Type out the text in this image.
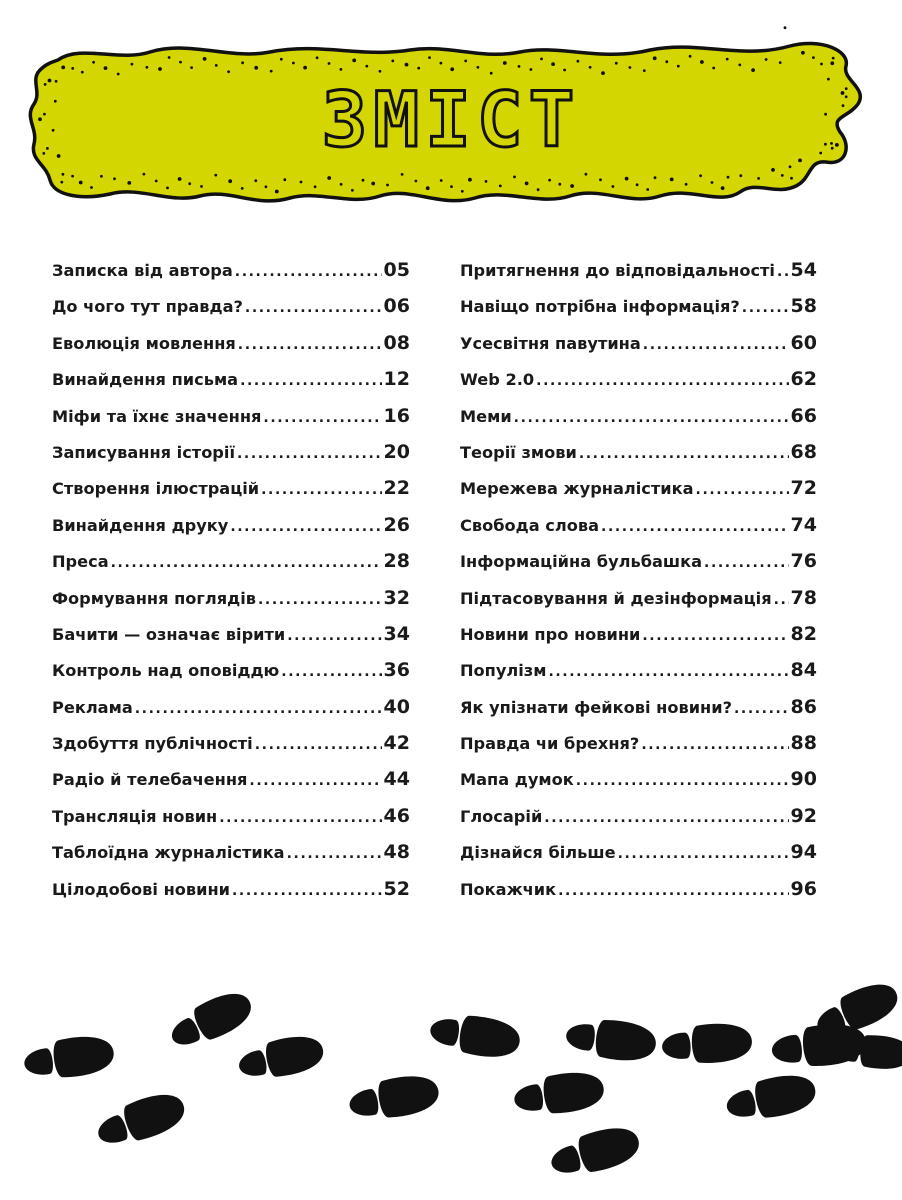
ЗМІСТ
Записка від автора .....	05
До чого тут правда? .....	06
Еволюція мовлення .....	08
Винайдення письма .....	12
Міфи та їхнє значення .....	16
Записування історії .....	20
Створення ілюстрацій .....	22
Винайдення друку .....	26
Преса .....	28
Формування поглядів .....	32
Бачити — означає вірити .....	34
Контроль над оповіддю .....	36
Реклама .....	40
Здобуття публічності .....	42
Радіо й телебачення .....	44
Трансляція новин .....	46
Таблоїдна журналістика .....	48
Цілодобові новини .....	52
Притягнення до відповідальності ..... 54
Навіщо потрібна інформація? .....	58
Усесвітня павутина .....	60
Web 2.0 .....	62
Меми .....	66
Теорії змови .....	68
Мережева журналістика .....	72
Свобода слова .....	74
Інформаційна бульбашка .....	76
Підтасовування й дезінформація ..... 78
Новини про новини .....	82
Популізм .....	84
Як упізнати фейкові новини? .....	86
Правда чи брехня? .....	88
Мапа думок .....	90
Глосарій .....	92
Дізнайся більше .....	94
Покажчик .....	96
